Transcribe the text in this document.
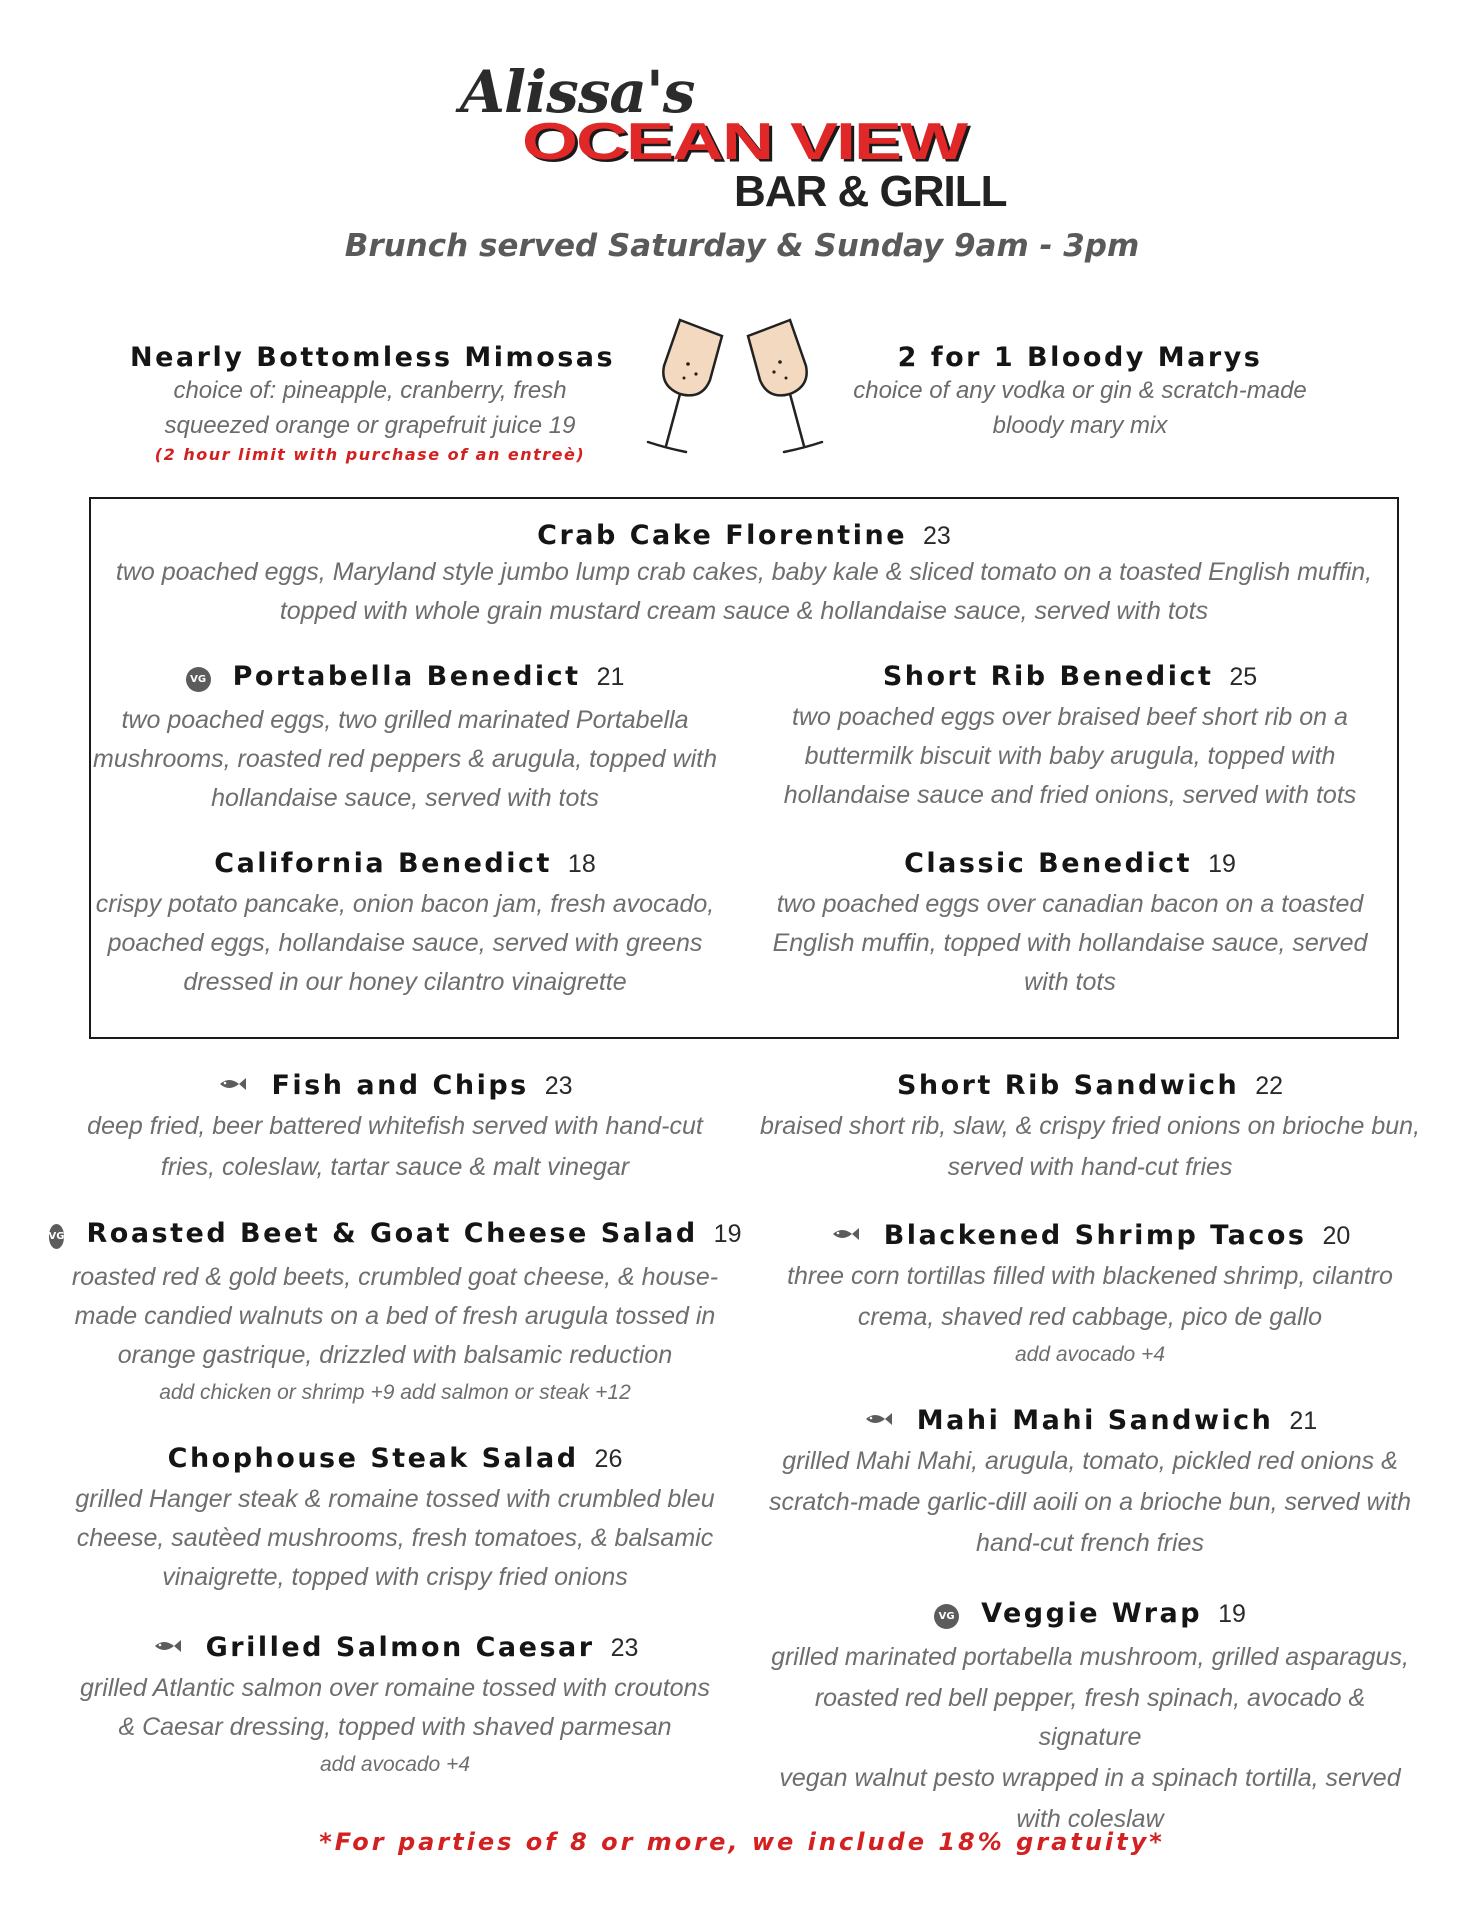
Alissa's
OCEAN VIEW
BAR & GRILL
Brunch served Saturday & Sunday 9am - 3pm
Nearly Bottomless Mimosas
choice of: pineapple, cranberry, fresh
squeezed orange or grapefruit juice 19
(2 hour limit with purchase of an entreè)
2 for 1 Bloody Marys
choice of any vodka or gin & scratch-made
bloody mary mix
Crab Cake Florentine 23
two poached eggs, Maryland style jumbo lump crab cakes, baby kale & sliced tomato on a toasted English muffin,
topped with whole grain mustard cream sauce & hollandaise sauce, served with tots
VG Portabella Benedict 21
two poached eggs, two grilled marinated Portabella
mushrooms, roasted red peppers & arugula, topped with
hollandaise sauce, served with tots
Short Rib Benedict 25
two poached eggs over braised beef short rib on a
buttermilk biscuit with baby arugula, topped with
hollandaise sauce and fried onions, served with tots
California Benedict 18
crispy potato pancake, onion bacon jam, fresh avocado,
poached eggs, hollandaise sauce, served with greens
dressed in our honey cilantro vinaigrette
Classic Benedict 19
two poached eggs over canadian bacon on a toasted
English muffin, topped with hollandaise sauce, served
with tots
Fish and Chips 23
deep fried, beer battered whitefish served with hand-cut
fries, coleslaw, tartar sauce & malt vinegar
VG Roasted Beet & Goat Cheese Salad 19
roasted red & gold beets, crumbled goat cheese, & house-
made candied walnuts on a bed of fresh arugula tossed in
orange gastrique, drizzled with balsamic reduction
add chicken or shrimp +9 add salmon or steak +12
Chophouse Steak Salad 26
grilled Hanger steak & romaine tossed with crumbled bleu
cheese, sautèed mushrooms, fresh tomatoes, & balsamic
vinaigrette, topped with crispy fried onions
Grilled Salmon Caesar 23
grilled Atlantic salmon over romaine tossed with croutons
& Caesar dressing, topped with shaved parmesan
add avocado +4
Short Rib Sandwich 22
braised short rib, slaw, & crispy fried onions on brioche bun,
served with hand-cut fries
Blackened Shrimp Tacos 20
three corn tortillas filled with blackened shrimp, cilantro
crema, shaved red cabbage, pico de gallo
add avocado +4
Mahi Mahi Sandwich 21
grilled Mahi Mahi, arugula, tomato, pickled red onions &
scratch-made garlic-dill aoili on a brioche bun, served with
hand-cut french fries
VG Veggie Wrap 19
grilled marinated portabella mushroom, grilled asparagus,
roasted red bell pepper, fresh spinach, avocado & signature
vegan walnut pesto wrapped in a spinach tortilla, served
with coleslaw
*For parties of 8 or more, we include 18% gratuity*
